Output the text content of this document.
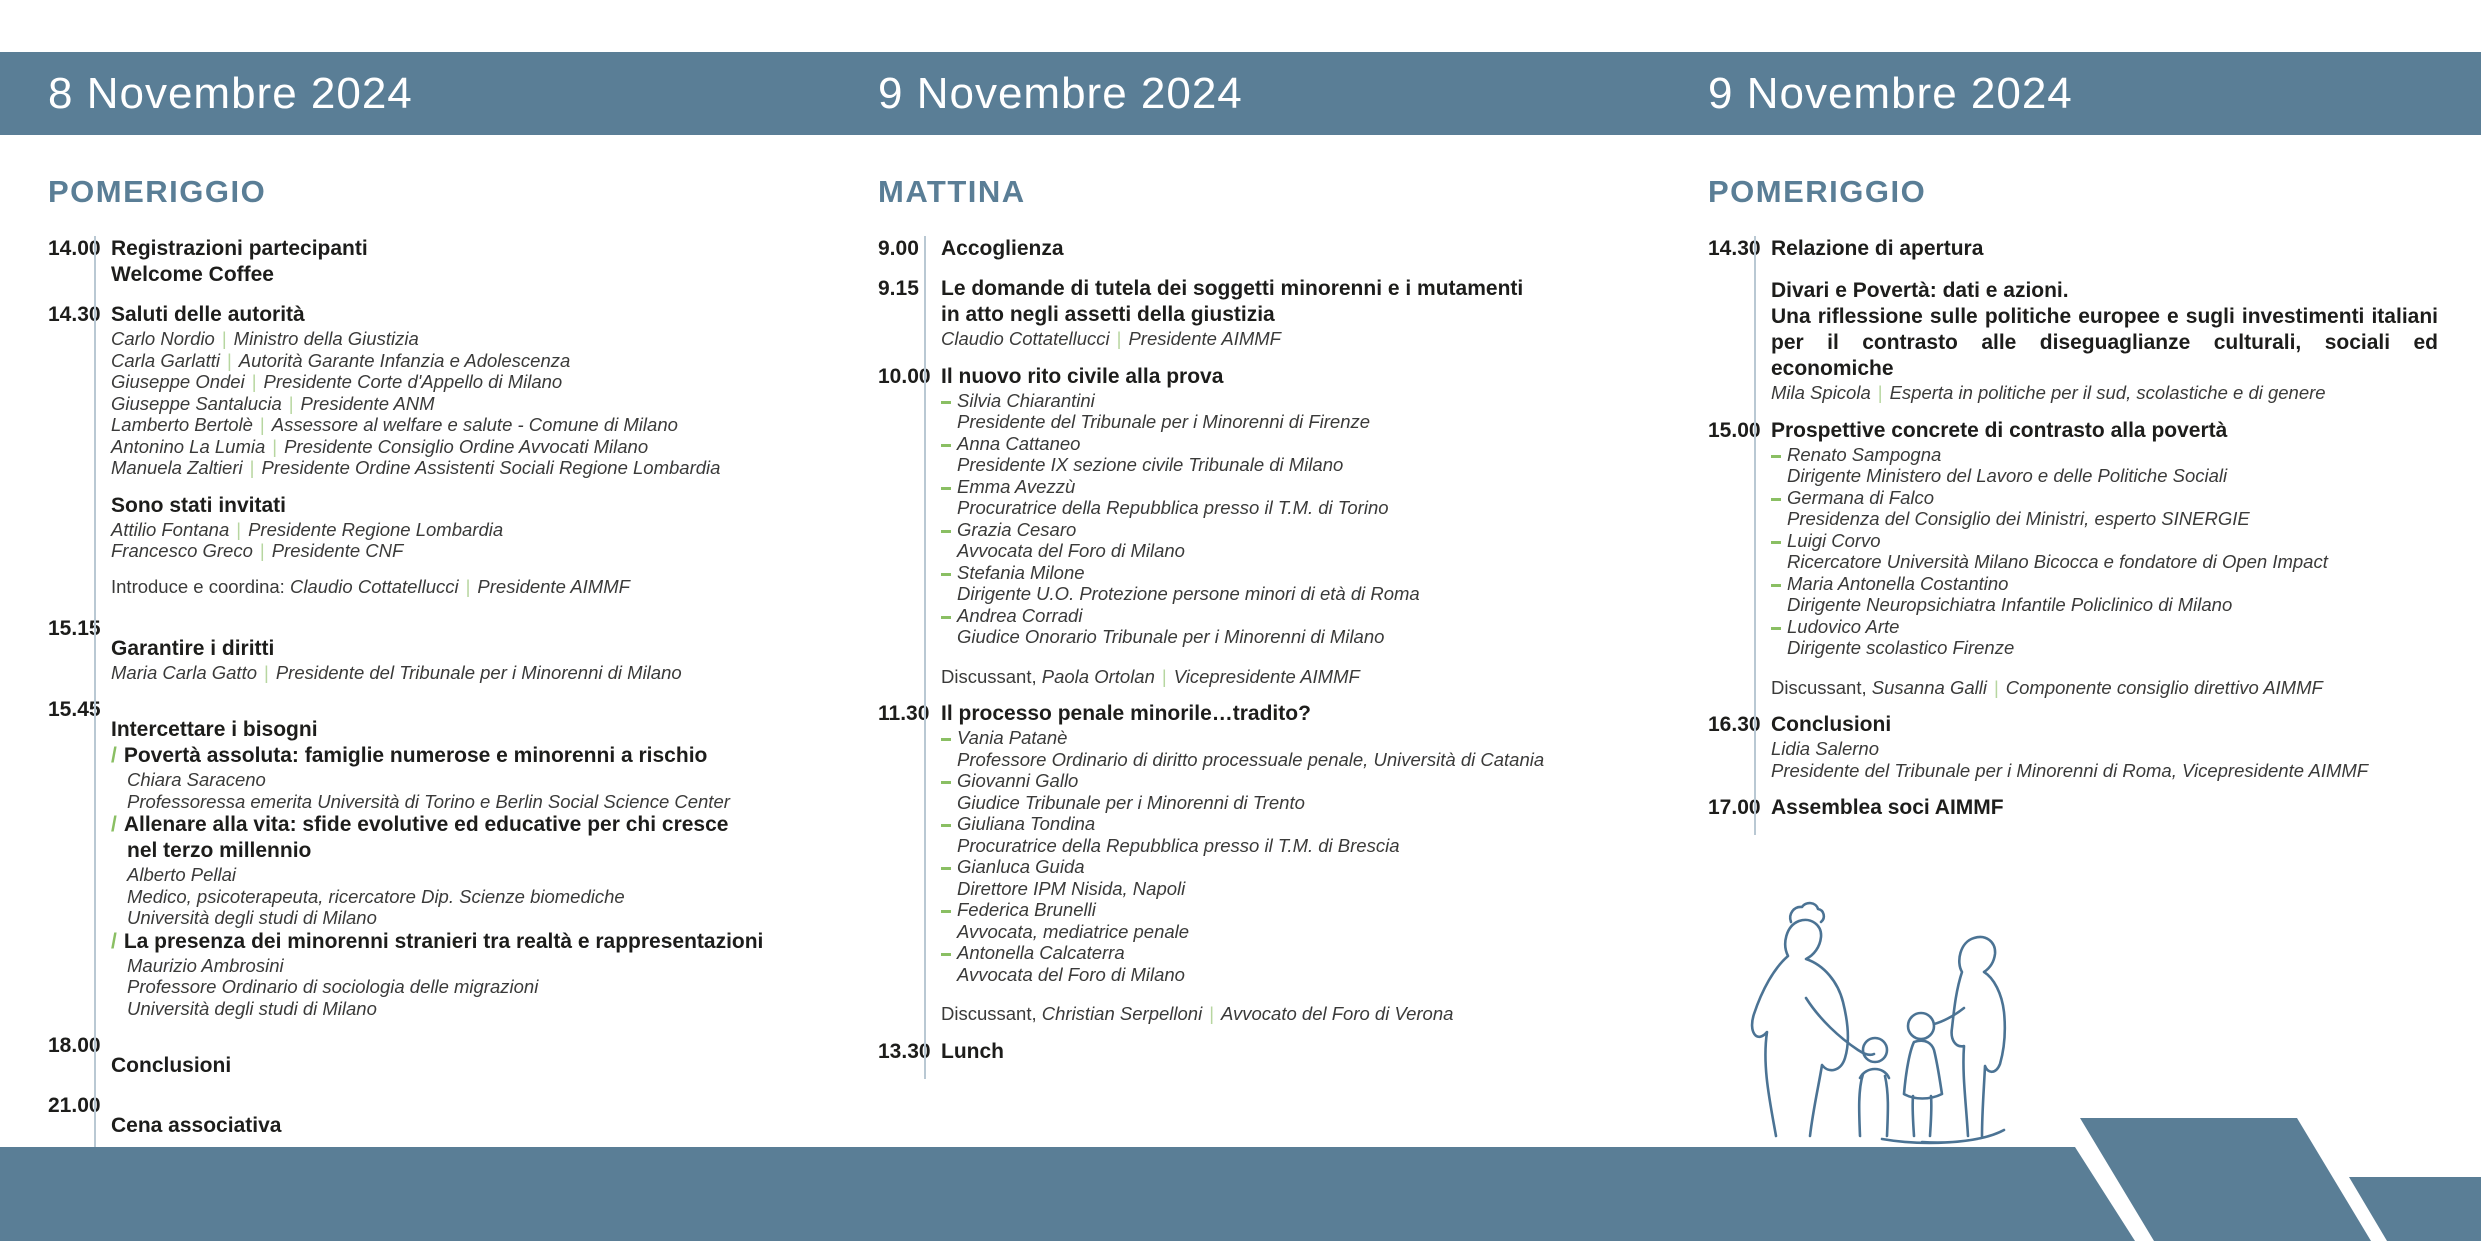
8 Novembre 2024	9 Novembre 2024	9 Novembre 2024
POMERIGGIO
14.00 Registrazioni partecipanti
Welcome Coffee
14.30 Saluti delle autorità
Carlo Nordio | Ministro della Giustizia
Carla Garlatti | Autorità Garante Infanzia e Adolescenza
Giuseppe Ondei | Presidente Corte d'Appello di Milano
Giuseppe Santalucia | Presidente ANM
Lamberto Bertolè | Assessore al welfare e salute - Comune di Milano
Antonino La Lumia | Presidente Consiglio Ordine Avvocati Milano
Manuela Zaltieri | Presidente Ordine Assistenti Sociali Regione Lombardia
Sono stati invitati
Attilio Fontana | Presidente Regione Lombardia
Francesco Greco | Presidente CNF
Introduce e coordina: Claudio Cottatellucci | Presidente AIMMF
15.15
Garantire i diritti
Maria Carla Gatto | Presidente del Tribunale per i Minorenni di Milano
15.45
Intercettare i bisogni
/ Povertà assoluta: famiglie numerose e minorenni a rischio
Chiara Saraceno
Professoressa emerita Università di Torino e Berlin Social Science Center
/ Allenare alla vita: sfide evolutive ed educative per chi cresce
nel terzo millennio
Alberto Pellai
Medico, psicoterapeuta, ricercatore Dip. Scienze biomediche
Università degli studi di Milano
/ La presenza dei minorenni stranieri tra realtà e rappresentazioni
Maurizio Ambrosini
Professore Ordinario di sociologia delle migrazioni
Università degli studi di Milano
18.00
Conclusioni
21.00
Cena associativa
MATTINA
9.00 Accoglienza
9.15 Le domande di tutela dei soggetti minorenni e i mutamenti
in atto negli assetti della giustizia
Claudio Cottatellucci | Presidente AIMMF
10.00 Il nuovo rito civile alla prova
Silvia Chiarantini
Presidente del Tribunale per i Minorenni di Firenze
Anna Cattaneo
Presidente IX sezione civile Tribunale di Milano
Emma Avezzù
Procuratrice della Repubblica presso il T.M. di Torino
Grazia Cesaro
Avvocata del Foro di Milano
Stefania Milone
Dirigente U.O. Protezione persone minori di età di Roma
Andrea Corradi
Giudice Onorario Tribunale per i Minorenni di Milano
Discussant, Paola Ortolan | Vicepresidente AIMMF
11.30 Il processo penale minorile…tradito?
Vania Patanè
Professore Ordinario di diritto processuale penale, Università di Catania
Giovanni Gallo
Giudice Tribunale per i Minorenni di Trento
Giuliana Tondina
Procuratrice della Repubblica presso il T.M. di Brescia
Gianluca Guida
Direttore IPM Nisida, Napoli
Federica Brunelli
Avvocata, mediatrice penale
Antonella Calcaterra
Avvocata del Foro di Milano
Discussant, Christian Serpelloni | Avvocato del Foro di Verona
13.30 Lunch
POMERIGGIO
14.30 Relazione di apertura
Divari e Povertà: dati e azioni.
Una riflessione sulle politiche europee e sugli investimenti italiani per il contrasto alle diseguaglianze culturali, sociali ed economiche
Mila Spicola | Esperta in politiche per il sud, scolastiche e di genere
15.00 Prospettive concrete di contrasto alla povertà
Renato Sampogna
Dirigente Ministero del Lavoro e delle Politiche Sociali
Germana di Falco
Presidenza del Consiglio dei Ministri, esperto SINERGIE
Luigi Corvo
Ricercatore Università Milano Bicocca e fondatore di Open Impact
Maria Antonella Costantino
Dirigente Neuropsichiatra Infantile Policlinico di Milano
Ludovico Arte
Dirigente scolastico Firenze
Discussant, Susanna Galli | Componente consiglio direttivo AIMMF
16.30 Conclusioni
Lidia Salerno
Presidente del Tribunale per i Minorenni di Roma, Vicepresidente AIMMF
17.00 Assemblea soci AIMMF
